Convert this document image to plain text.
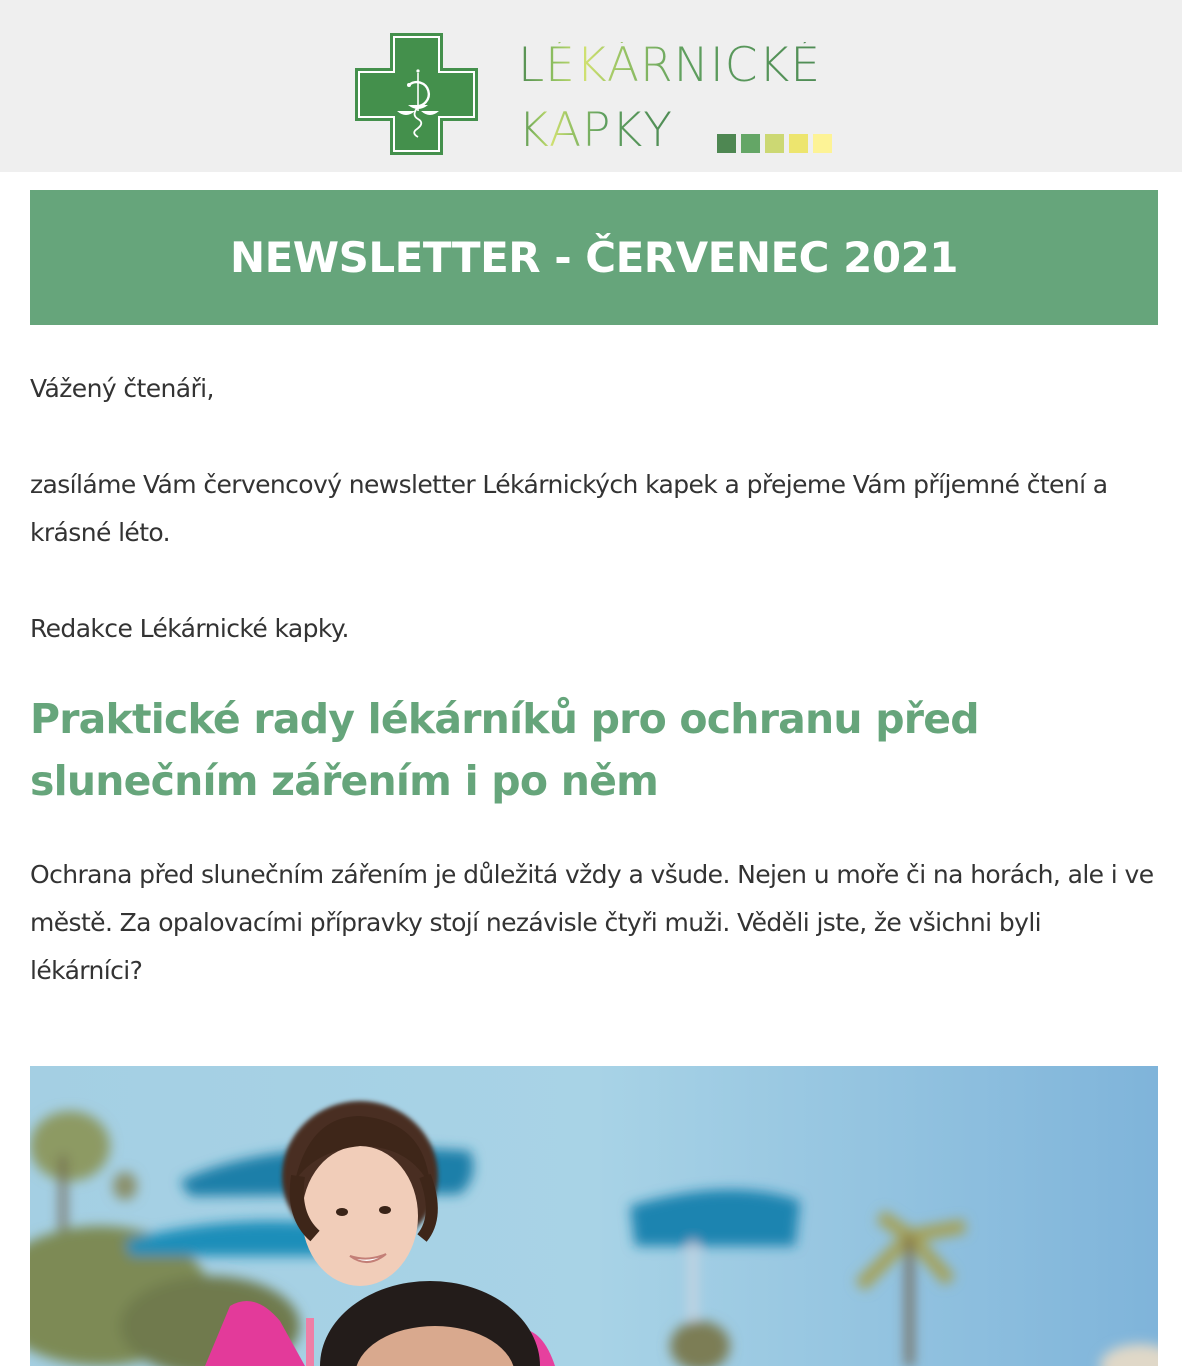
LÉKÁRNICKÉ
KAPKY
NEWSLETTER - ČERVENEC 2021

Vážený čtenáři,

zasíláme Vám červencový newsletter Lékárnických kapek a přejeme Vám příjemné čtení a krásné léto.

Redakce Lékárnické kapky.

Praktické rady lékárníků pro ochranu před slunečním zářením i po něm

Ochrana před slunečním zářením je důležitá vždy a všude. Nejen u moře či na horách, ale i ve městě. Za opalovacími přípravky stojí nezávisle čtyři muži. Věděli jste, že všichni byli lékárníci?
